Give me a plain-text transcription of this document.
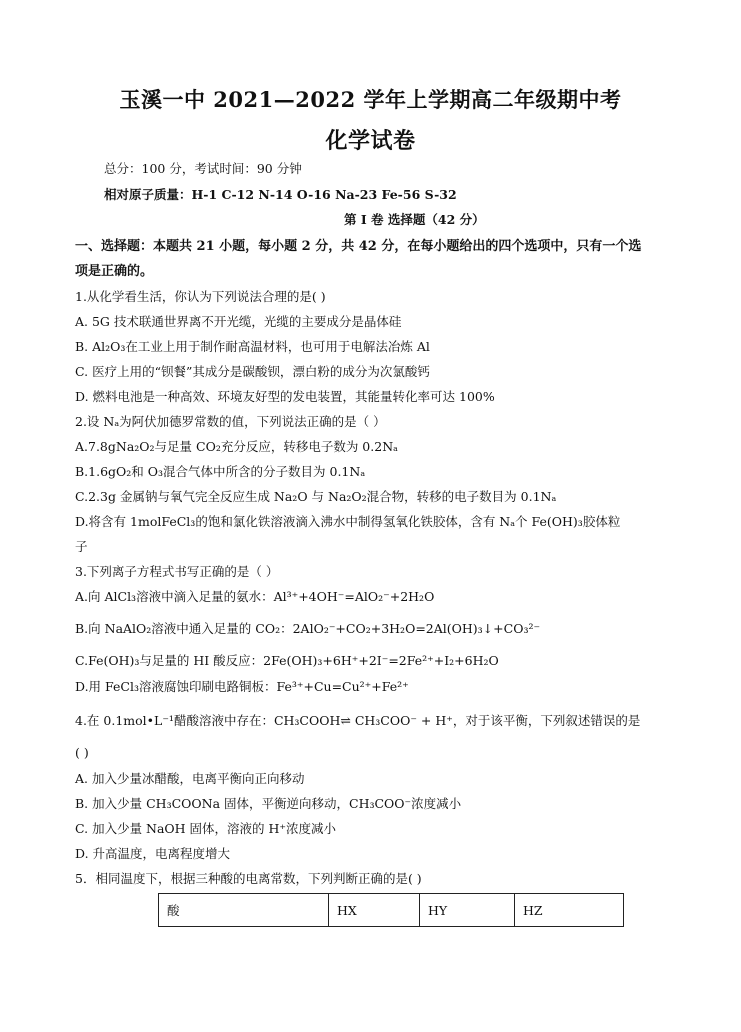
玉溪一中 2021—2022 学年上学期高二年级期中考
化学试卷
总分：100 分，考试时间：90 分钟
相对原子质量：H-1 C-12 N-14 O-16 Na-23 Fe-56 S-32
第 I 卷 选择题（42 分）
一、选择题：本题共 21 小题，每小题 2 分，共 42 分，在每小题给出的四个选项中，只有一个选
项是正确的。
1.从化学看生活，你认为下列说法合理的是( )
A. 5G 技术联通世界离不开光缆，光缆的主要成分是晶体硅
B. Al₂O₃在工业上用于制作耐高温材料，也可用于电解法冶炼 Al
C. 医疗上用的“钡餐”其成分是碳酸钡，漂白粉的成分为次氯酸钙
D. 燃料电池是一种高效、环境友好型的发电装置，其能量转化率可达 100%
2.设 Nₐ为阿伏加德罗常数的值，下列说法正确的是（ ）
A.7.8gNa₂O₂与足量 CO₂充分反应，转移电子数为 0.2Nₐ
B.1.6gO₂和 O₃混合气体中所含的分子数目为 0.1Nₐ
C.2.3g 金属钠与氧气完全反应生成 Na₂O 与 Na₂O₂混合物，转移的电子数目为 0.1Nₐ
D.将含有 1molFeCl₃的饱和氯化铁溶液滴入沸水中制得氢氧化铁胶体，含有 Nₐ个 Fe(OH)₃胶体粒
子
3.下列离子方程式书写正确的是（ ）
A.向 AlCl₃溶液中滴入足量的氨水：Al³⁺+4OH⁻=AlO₂⁻+2H₂O
B.向 NaAlO₂溶液中通入足量的 CO₂：2AlO₂⁻+CO₂+3H₂O=2Al(OH)₃↓+CO₃²⁻
C.Fe(OH)₃与足量的 HI 酸反应：2Fe(OH)₃+6H⁺+2I⁻=2Fe²⁺+I₂+6H₂O
D.用 FeCl₃溶液腐蚀印刷电路铜板：Fe³⁺+Cu=Cu²⁺+Fe²⁺
4.在 0.1mol•L⁻¹醋酸溶液中存在：CH₃COOH⇌ CH₃COO⁻ + H⁺，对于该平衡，下列叙述错误的是
( )
A. 加入少量冰醋酸，电离平衡向正向移动
B. 加入少量 CH₃COONa 固体，平衡逆向移动，CH₃COO⁻浓度减小
C. 加入少量 NaOH 固体，溶液的 H⁺浓度减小
D. 升高温度，电离程度增大
5．相同温度下，根据三种酸的电离常数，下列判断正确的是( )
酸	HX	HY	HZ
